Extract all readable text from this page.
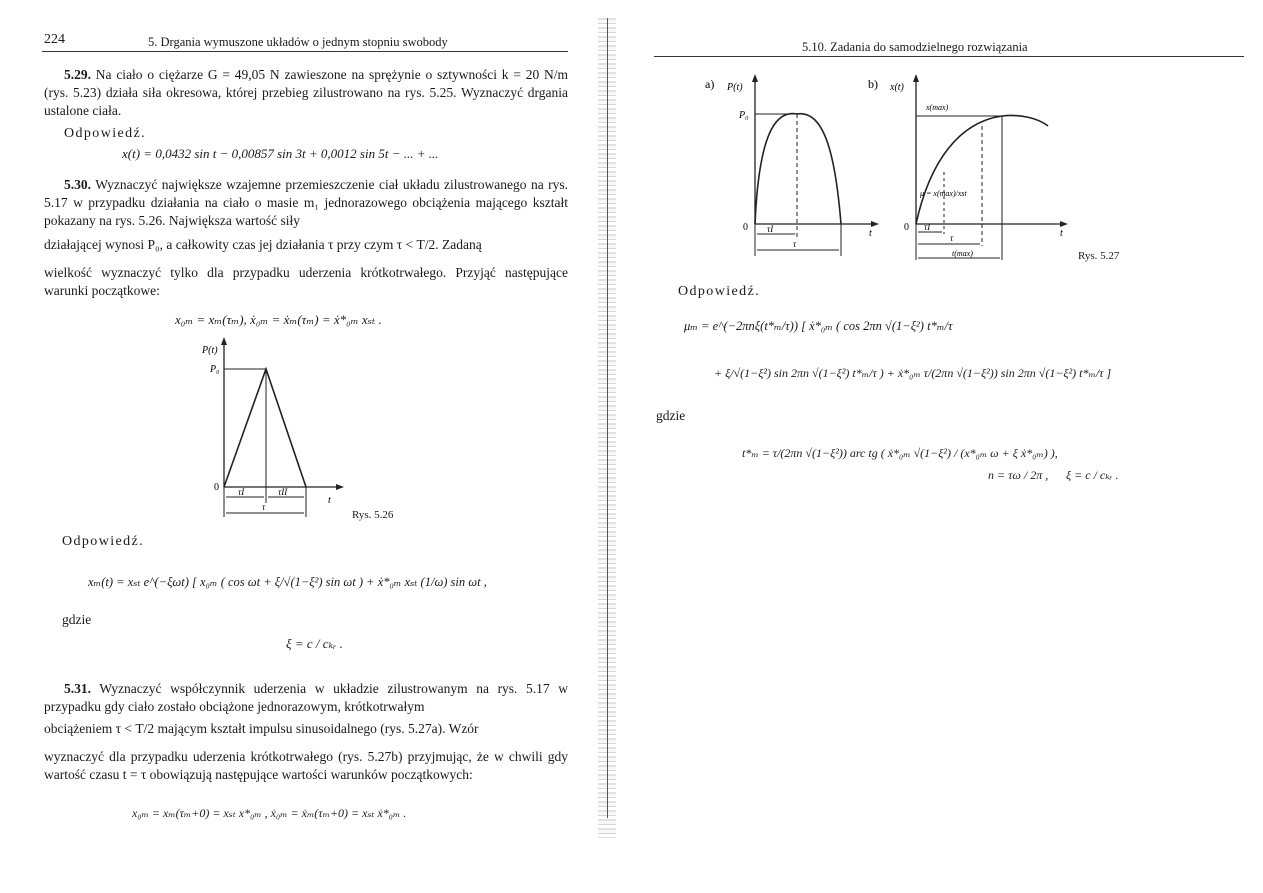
224	5. Drgania wymuszone układów o jednym stopniu swobody
5.29. Na ciało o ciężarze G = 49,05 N zawieszone na sprężynie o sztywności k = 20 N/m (rys. 5.23) działa siła okresowa, której przebieg zilustrowano na rys. 5.25. Wyznaczyć drgania ustalone ciała.
Odpowiedź.
x(t) = 0,0432 sin t − 0,00857 sin 3t + 0,0012 sin 5t − ... + ...
5.30. Wyznaczyć największe wzajemne przemieszczenie ciał układu zilustrowanego na rys. 5.17 w przypadku działania na ciało o masie m₁ jednorazowego obciążenia mającego kształt pokazany na rys. 5.26. Największa wartość siły
działającej wynosi P₀, a całkowity czas jej działania τ przy czym τ < T/2. Zadaną
wielkość wyznaczyć tylko dla przypadku uderzenia krótkotrwałego. Przyjąć następujące warunki początkowe:
x₀ₘ = xₘ(τₘ), ẋ₀ₘ = ẋₘ(τₘ) = ẋ*₀ₘ xₛₜ .
P(t)
P₀
0
t
τI	τII
τ
Rys. 5.26
Odpowiedź.
xₘ(t) = xₛₜ e^(−ξωt) [ x₀ₘ ( cos ωt + ξ/√(1−ξ²) sin ωt ) + ẋ*₀ₘ xₛₜ (1/ω) sin ωt ,
gdzie
ξ = c / cₖᵣ .
5.31. Wyznaczyć współczynnik uderzenia w układzie zilustrowanym na rys. 5.17 w przypadku gdy ciało zostało obciążone jednorazowym, krótkotrwałym
obciążeniem τ < T/2 mającym kształt impulsu sinusoidalnego (rys. 5.27a). Wzór
wyznaczyć dla przypadku uderzenia krótkotrwałego (rys. 5.27b) przyjmując, że w chwili gdy wartość czasu t = τ obowiązują następujące wartości warunków początkowych:
x₀ₘ = xₘ(τₘ+0) = xₛₜ x*₀ₘ , ẋ₀ₘ = ẋₘ(τₘ+0) = xₛₜ ẋ*₀ₘ .
5.10. Zadania do samodzielnego rozwiązania
a) P(t)
P₀
0
t
τI
τ
b) x(t)
x(max)
μ = x(max)/xst
0
t
τI
τ
t(max)	Rys. 5.27
Odpowiedź.
μₘ = e^(−2πnξ(t*ₘ/τ)) [ ẋ*₀ₘ ( cos 2πn √(1−ξ²) t*ₘ/τ
+ ξ/√(1−ξ²) sin 2πn √(1−ξ²) t*ₘ/τ ) + ẋ*₀ₘ τ/(2πn √(1−ξ²)) sin 2πn √(1−ξ²) t*ₘ/τ ]
gdzie
t*ₘ = τ/(2πn √(1−ξ²)) arc tg ( ẋ*₀ₘ √(1−ξ²) / (x*₀ₘ ω + ξ ẋ*₀ₘ) ),
n = τω / 2π , ξ = c / cₖᵣ .
